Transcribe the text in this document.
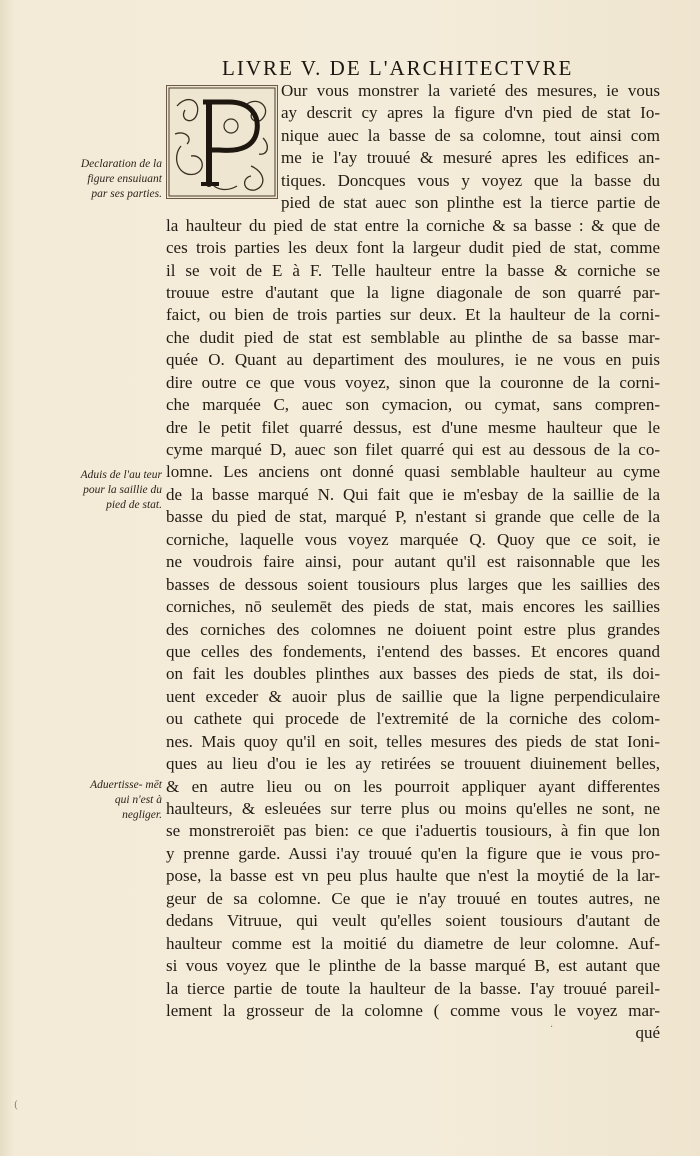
LIVRE V. DE L'ARCHITECTVRE
Declaration de la figure ensuiuant par ses parties.
Aduis de l'au teur pour la saillie du pied de stat.
Aduertisse- mēt qui n'est à negliger.
Our vous monstrer la varieté des mesures, ie vous
ay descrit cy apres la figure d'vn pied de stat Io-
nique auec la basse de sa colomne, tout ainsi com
me ie l'ay trouué & mesuré apres les edifices an-
tiques. Doncques vous y voyez que la basse du
pied de stat auec son plinthe est la tierce partie de
la haulteur du pied de stat entre la corniche & sa basse : & que de
ces trois parties les deux font la largeur dudit pied de stat, comme
il se voit de E à F. Telle haulteur entre la basse & corniche se
trouue estre d'autant que la ligne diagonale de son quarré par-
faict, ou bien de trois parties sur deux. Et la haulteur de la corni-
che dudit pied de stat est semblable au plinthe de sa basse mar-
quée O. Quant au departiment des moulures, ie ne vous en puis
dire outre ce que vous voyez, sinon que la couronne de la corni-
che marquée C, auec son cymacion, ou cymat, sans compren-
dre le petit filet quarré dessus, est d'une mesme haulteur que le
cyme marqué D, auec son filet quarré qui est au dessous de la co-
lomne. Les anciens ont donné quasi semblable haulteur au cyme
de la basse marqué N. Qui fait que ie m'esbay de la saillie de la
basse du pied de stat, marqué P, n'estant si grande que celle de la
corniche, laquelle vous voyez marquée Q. Quoy que ce soit, ie
ne voudrois faire ainsi, pour autant qu'il est raisonnable que les
basses de dessous soient tousiours plus larges que les saillies des
corniches, nō seulemēt des pieds de stat, mais encores les saillies
des corniches des colomnes ne doiuent point estre plus grandes
que celles des fondements, i'entend des basses. Et encores quand
on fait les doubles plinthes aux basses des pieds de stat, ils doi-
uent exceder & auoir plus de saillie que la ligne perpendiculaire
ou cathete qui procede de l'extremité de la corniche des colom-
nes. Mais quoy qu'il en soit, telles mesures des pieds de stat Ioni-
ques au lieu d'ou ie les ay retirées se trouuent diuinement belles,
& en autre lieu ou on les pourroit appliquer ayant differentes
haulteurs, & esleuées sur terre plus ou moins qu'elles ne sont, ne
se monstreroiēt pas bien: ce que i'aduertis tousiours, à fin que lon
y prenne garde. Aussi i'ay trouué qu'en la figure que ie vous pro-
pose, la basse est vn peu plus haulte que n'est la moytié de la lar-
geur de sa colomne. Ce que ie n'ay trouué en toutes autres, ne
dedans Vitruue, qui veult qu'elles soient tousiours d'autant de
haulteur comme est la moitié du diametre de leur colomne. Auf-
si vous voyez que le plinthe de la basse marqué B, est autant que
la tierce partie de toute la haulteur de la basse. I'ay trouué pareil-
lement la grosseur de la colomne ( comme vous le voyez mar-
qué
(
·
